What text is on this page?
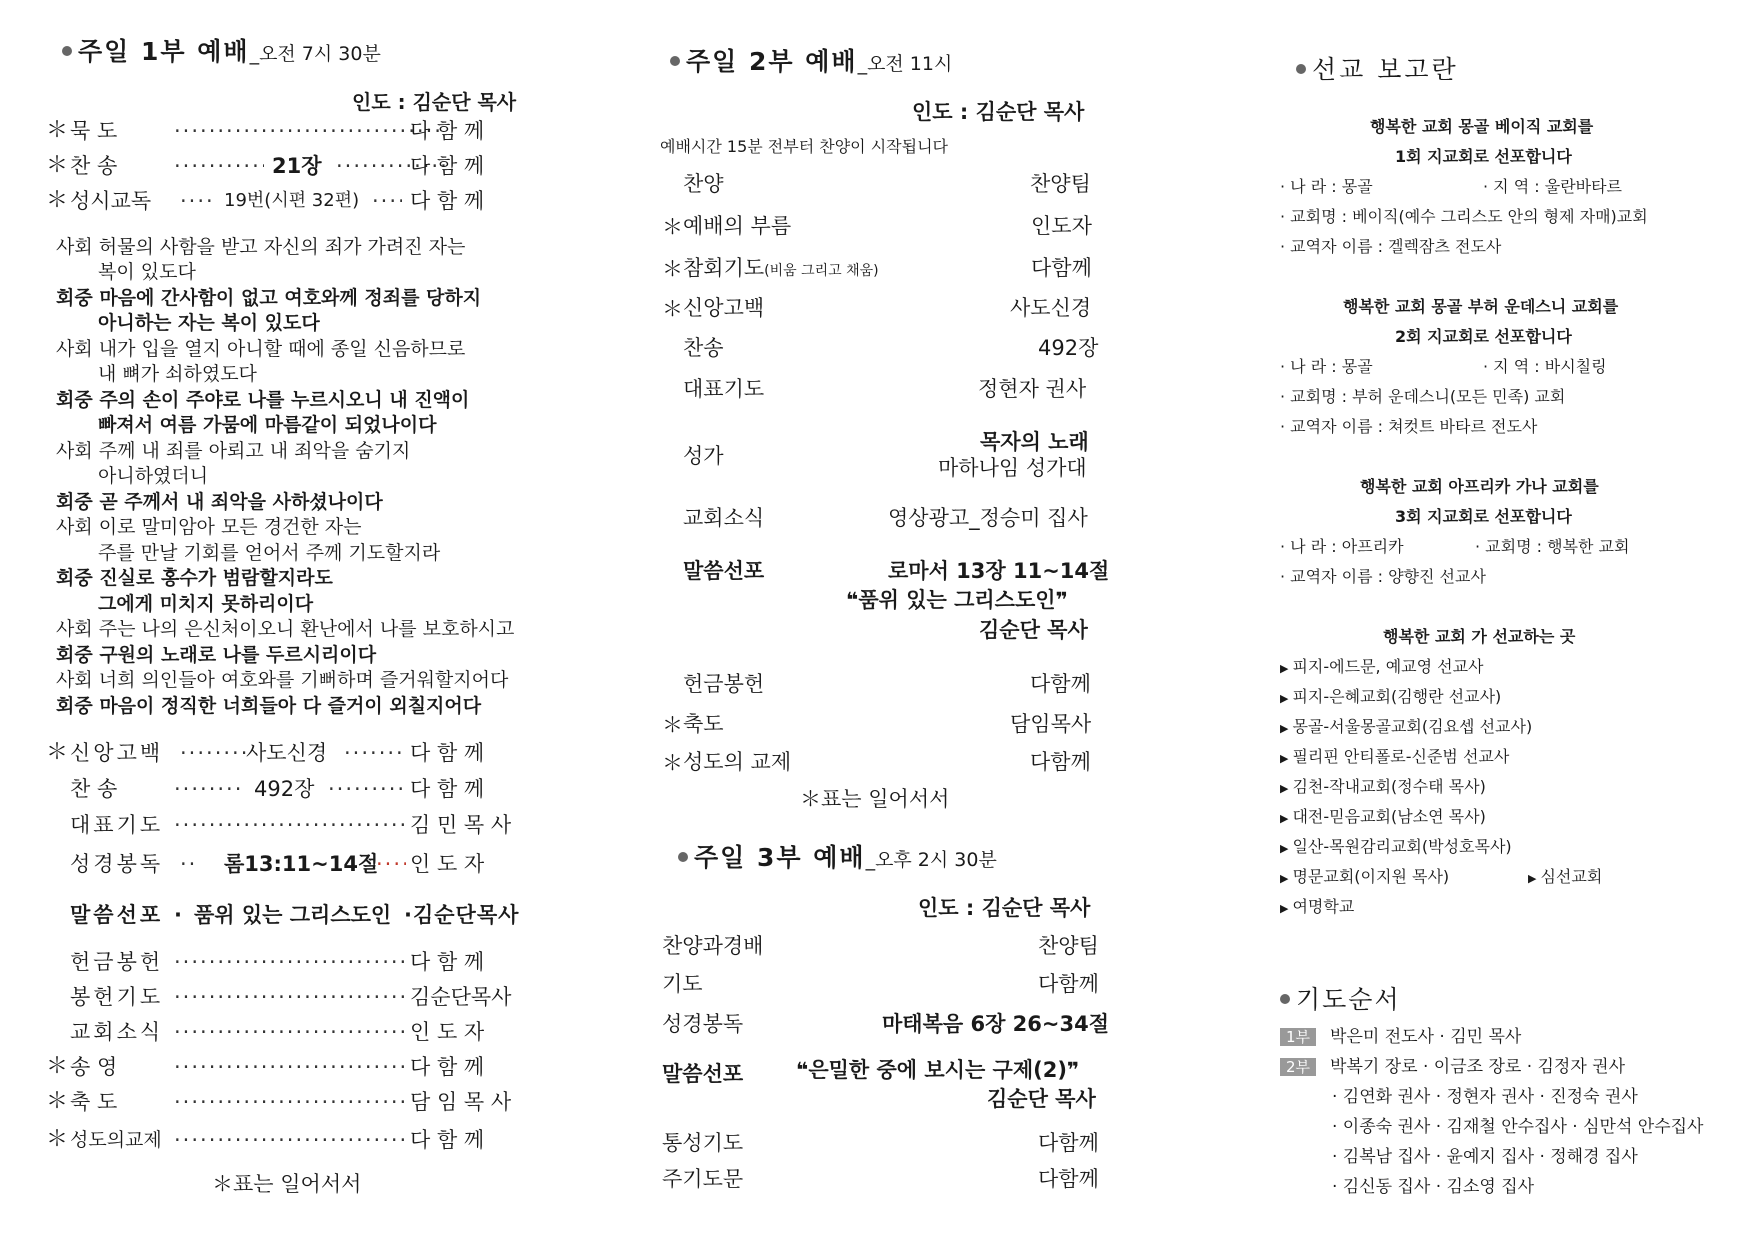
주일 1부 예배_오전 7시 30분
인도 : 김순단 목사
＊ 묵 도 ·····	다 함 께
＊ 찬 송 ·····	21장 ·····	다 함 께
＊ 성시교독 ·····	19번(시편 32편) ····· 다 함 께
사회 허물의 사함을 받고 자신의 죄가 가려진 자는
복이 있도다
회중 마음에 간사함이 없고 여호와께 정죄를 당하지
아니하는 자는 복이 있도다
사회 내가 입을 열지 아니할 때에 종일 신음하므로
내 뼈가 쇠하였도다
회중 주의 손이 주야로 나를 누르시오니 내 진액이
빠져서 여름 가뭄에 마름같이 되었나이다
사회 주께 내 죄를 아뢰고 내 죄악을 숨기지
아니하였더니
회중 곧 주께서 내 죄악을 사하셨나이다
사회 이로 말미암아 모든 경건한 자는
주를 만날 기회를 얻어서 주께 기도할지라
회중 진실로 홍수가 범람할지라도
그에게 미치지 못하리이다
사회 주는 나의 은신처이오니 환난에서 나를 보호하시고
회중 구원의 노래로 나를 두르시리이다
사회 너희 의인들아 여호와를 기뻐하며 즐거워할지어다
회중 마음이 정직한 너희들아 다 즐거이 외칠지어다
＊ 신앙고백 ·····	사도신경 ·····	다 함 께
찬 송 ·····	492장 ·····	다 함 께
대표기도 ·····	김 민 목 사
성경봉독 ·····	롬13:11~14절 ····· 인 도 자
말씀선포 · 품위 있는 그리스도인 ·김순단목사
헌금봉헌 ·····	다 함 께
봉헌기도 ·····	김순단목사
교회소식 ·····	인 도 자
＊ 송 영 ·····	다 함 께
＊ 축 도 ·····	담 임 목 사
＊ 성도의교제 ·····	다 함 께
＊표는 일어서서
주일 2부 예배_오전 11시
인도 : 김순단 목사
예배시간 15분 전부터 찬양이 시작됩니다
찬양	찬양팀
＊ 예배의 부름	인도자
＊ 참회기도(비움 그리고 채움)	다함께
＊ 신앙고백	사도신경
찬송	492장
대표기도	정현자 권사
성가
목자의 노래
마하나임 성가대
교회소식	영상광고_정승미 집사
말씀선포	로마서 13장 11~14절
❝품위 있는 그리스도인❞
김순단 목사
헌금봉헌	다함께
＊ 축도	담임목사
＊ 성도의 교제	다함께
＊표는 일어서서
주일 3부 예배_오후 2시 30분
인도 : 김순단 목사
찬양과경배	찬양팀
기도	다함께
성경봉독	마태복음 6장 26~34절
말씀선포	❝은밀한 중에 보시는 구제(2)❞
김순단 목사
통성기도	다함께
주기도문	다함께
선교 보고란
행복한 교회 몽골 베이직 교회를
1회 지교회로 선포합니다
· 나 라 : 몽골	· 지 역 : 울란바타르
· 교회명 : 베이직(예수 그리스도 안의 형제 자매)교회
· 교역자 이름 : 겔렉잠츠 전도사
행복한 교회 몽골 부허 운데스니 교회를
2회 지교회로 선포합니다
· 나 라 : 몽골	· 지 역 : 바시칠링
· 교회명 : 부허 운데스니(모든 민족) 교회
· 교역자 이름 : 쳐컷트 바타르 전도사
행복한 교회 아프리카 가나 교회를
3회 지교회로 선포합니다
· 나 라 : 아프리카	· 교회명 : 행복한 교회
· 교역자 이름 : 양향진 선교사
행복한 교회 가 선교하는 곳
▶ 피지-에드문, 예교영 선교사
▶ 피지-은혜교회(김행란 선교사)
▶ 몽골-서울몽골교회(김요셉 선교사)
▶ 필리핀 안티폴로-신준범 선교사
▶ 김천-작내교회(정수태 목사)
▶ 대전-믿음교회(남소연 목사)
▶ 일산-목원감리교회(박성호목사)
▶ 명문교회(이지원 목사)	▶ 심선교회
▶ 여명학교
기도순서
1부 박은미 전도사 · 김민 목사
2부 박복기 장로 · 이금조 장로 · 김정자 권사
· 김연화 권사 · 정현자 권사 · 진정숙 권사
· 이종숙 권사 · 김재철 안수집사 · 심만석 안수집사
· 김복남 집사 · 윤예지 집사 · 정해경 집사
· 김신동 집사 · 김소영 집사
